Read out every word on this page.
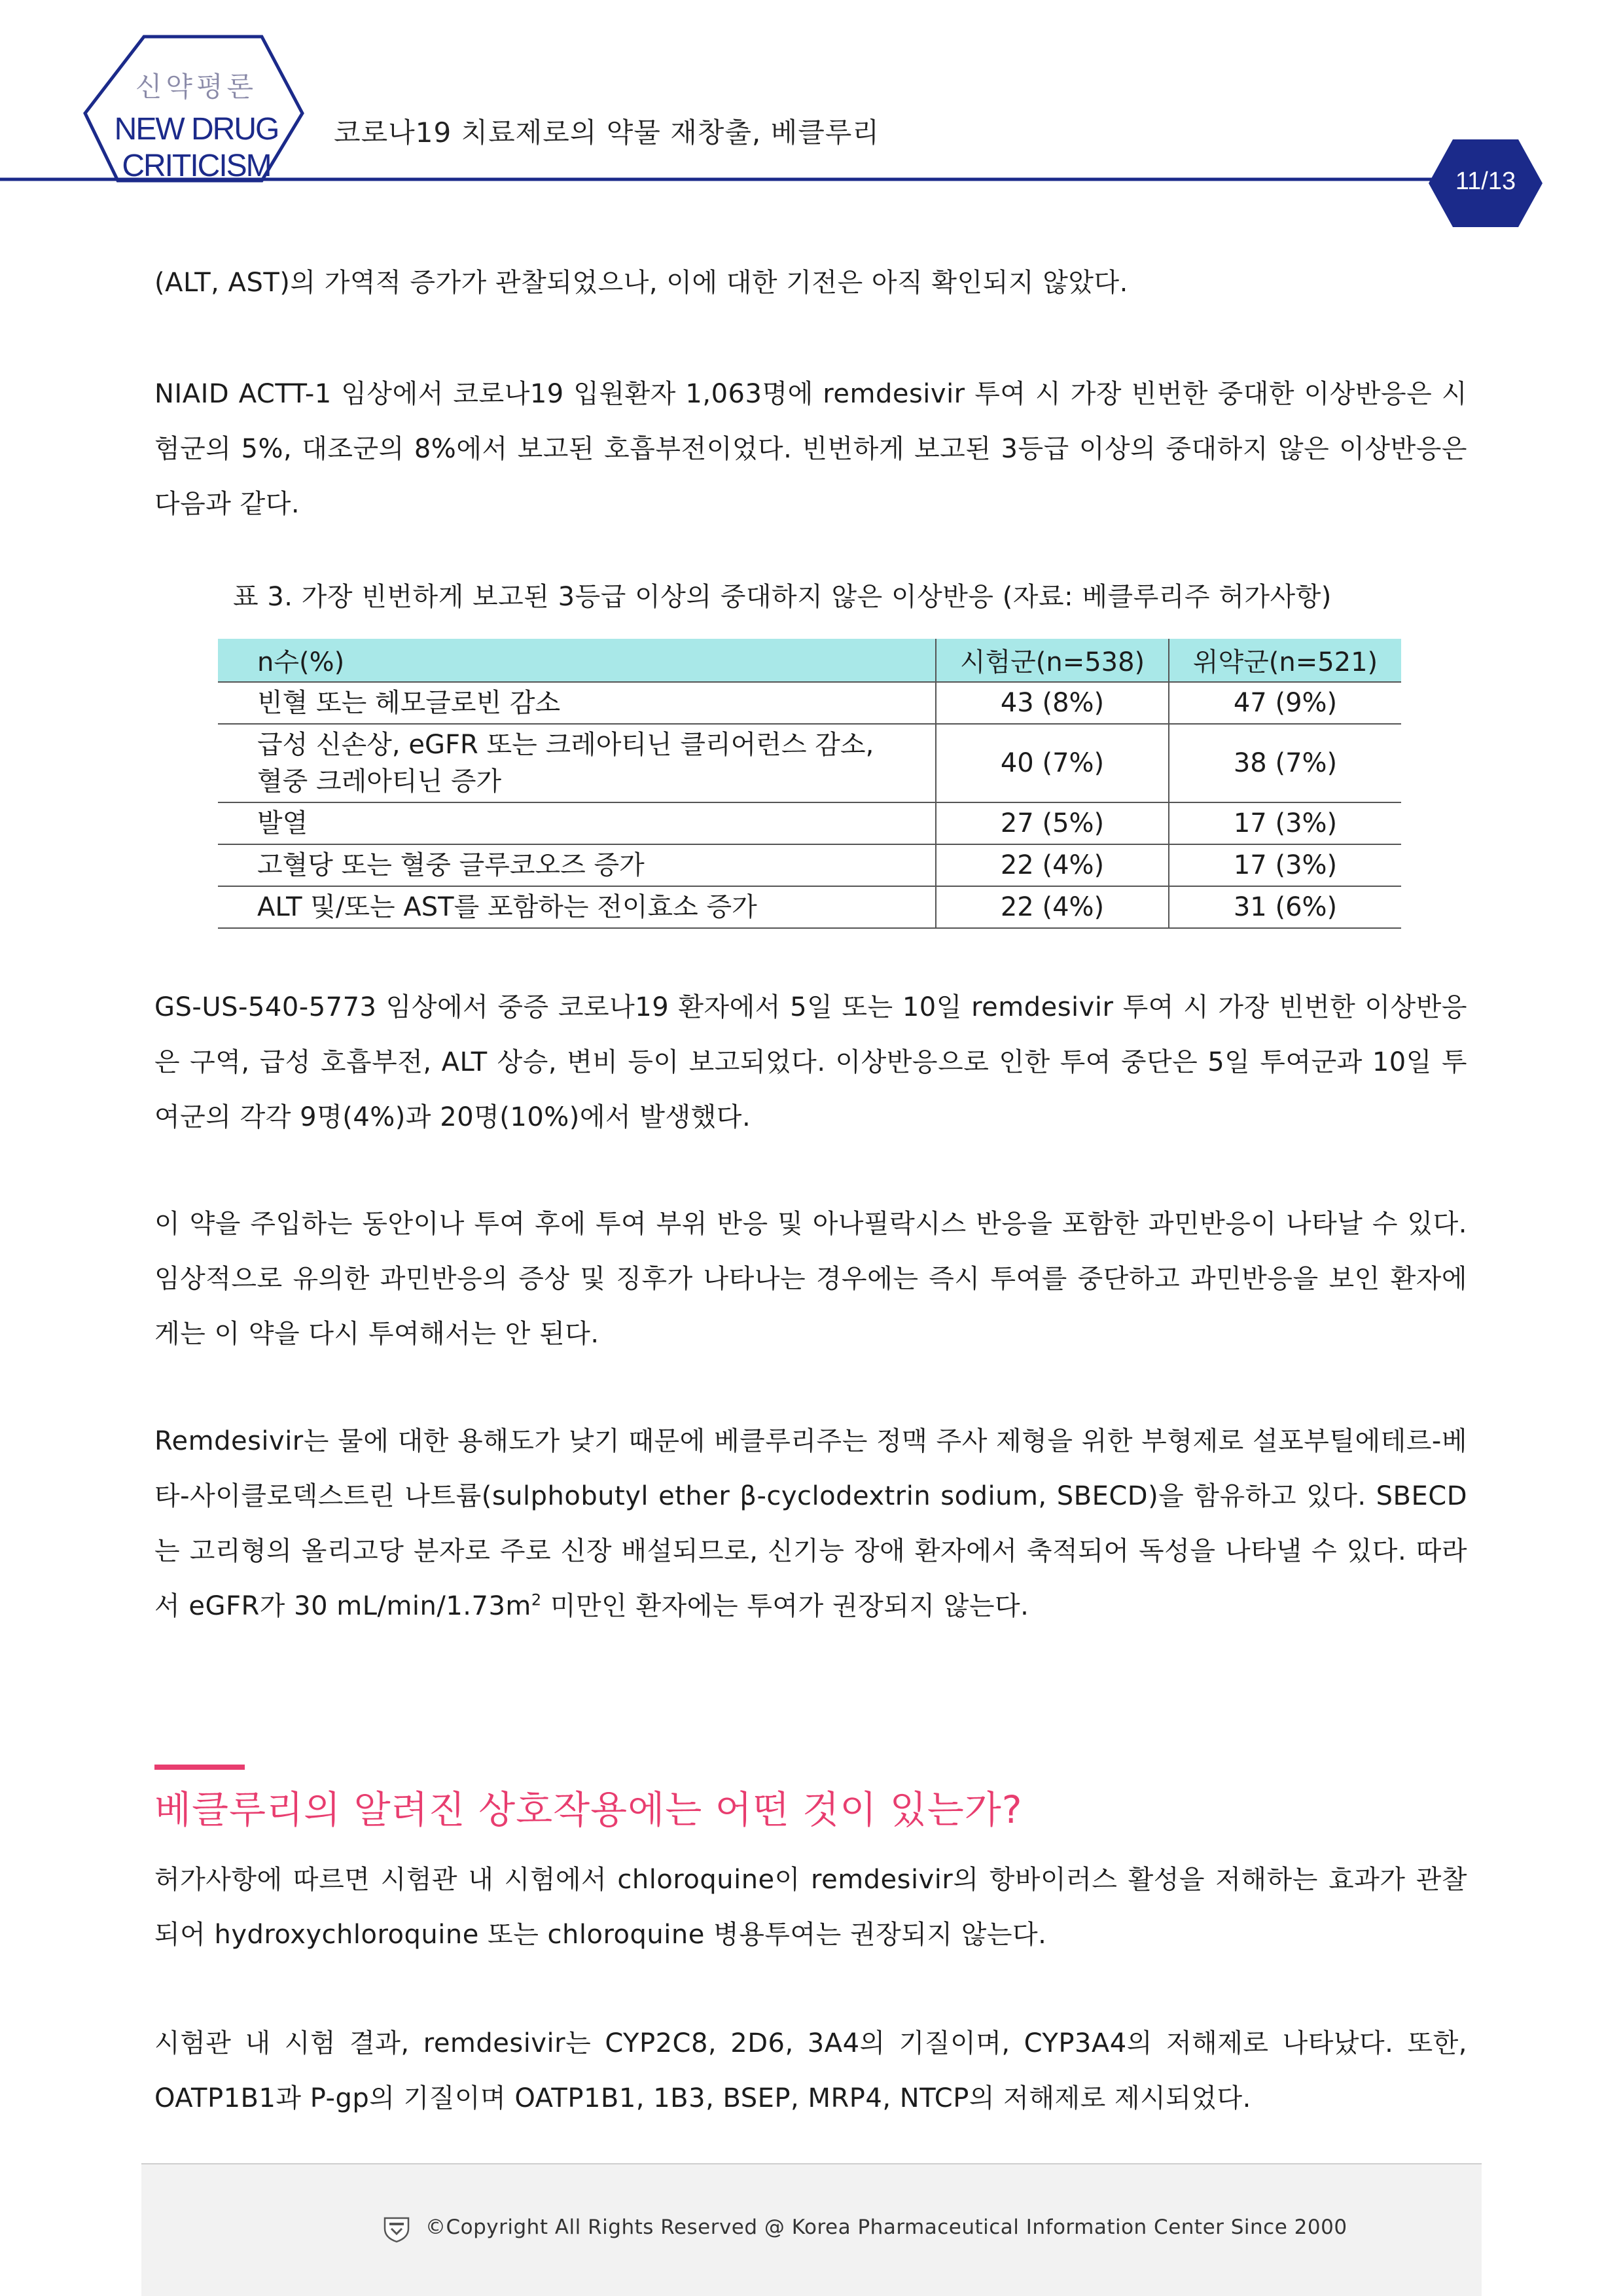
신약평론
NEW DRUG
CRITICISM
코로나19 치료제로의 약물 재창출, 베클루리
11/13

(ALT, AST)의 가역적 증가가 관찰되었으나, 이에 대한 기전은 아직 확인되지 않았다.

NIAID ACTT-1 임상에서 코로나19 입원환자 1,063명에 remdesivir 투여 시 가장 빈번한 중대한 이상반응은 시험군의 5%, 대조군의 8%에서 보고된 호흡부전이었다. 빈번하게 보고된 3등급 이상의 중대하지 않은 이상반응은 다음과 같다.

표 3. 가장 빈번하게 보고된 3등급 이상의 중대하지 않은 이상반응 (자료: 베클루리주 허가사항)
n수(%)	시험군(n=538)	위약군(n=521)
빈혈 또는 헤모글로빈 감소	43 (8%)	47 (9%)

급성 신손상, eGFR 또는 크레아티닌 클리어런스 감소,
혈중 크레아티닌 증가	40 (7%)	38 (7%)
발열	27 (5%)	17 (3%)
고혈당 또는 혈중 글루코오즈 증가	22 (4%)	17 (3%)
ALT 및/또는 AST를 포함하는 전이효소 증가	22 (4%)	31 (6%)

GS-US-540-5773 임상에서 중증 코로나19 환자에서 5일 또는 10일 remdesivir 투여 시 가장 빈번한 이상반응은 구역, 급성 호흡부전, ALT 상승, 변비 등이 보고되었다. 이상반응으로 인한 투여 중단은 5일 투여군과 10일 투여군의 각각 9명(4%)과 20명(10%)에서 발생했다.

이 약을 주입하는 동안이나 투여 후에 투여 부위 반응 및 아나필락시스 반응을 포함한 과민반응이 나타날 수 있다. 임상적으로 유의한 과민반응의 증상 및 징후가 나타나는 경우에는 즉시 투여를 중단하고 과민반응을 보인 환자에게는 이 약을 다시 투여해서는 안 된다.

Remdesivir는 물에 대한 용해도가 낮기 때문에 베클루리주는 정맥 주사 제형을 위한 부형제로 설포부틸에테르-베타-사이클로덱스트린 나트륨(sulphobutyl ether β-cyclodextrin sodium, SBECD)을 함유하고 있다. SBECD는 고리형의 올리고당 분자로 주로 신장 배설되므로, 신기능 장애 환자에서 축적되어 독성을 나타낼 수 있다. 따라서 eGFR가 30 $mL/\min/1.73m^2$ 미만인 환자에는 투여가 권장되지 않는다.

베클루리의 알려진 상호작용에는 어떤 것이 있는가?

허가사항에 따르면 시험관 내 시험에서 chloroquine이 remdesivir의 항바이러스 활성을 저해하는 효과가 관찰되어 hydroxychloroquine 또는 chloroquine 병용투여는 권장되지 않는다.

시험관 내 시험 결과, remdesivir는 CYP2C8, 2D6, 3A4의 기질이며, CYP3A4의 저해제로 나타났다. 또한, OATP1B1과 P-gp의 기질이며 OATP1B1, 1B3, BSEP, MRP4, NTCP의 저해제로 제시되었다.

©Copyright All Rights Reserved @ Korea Pharmaceutical Information Center Since 2000
